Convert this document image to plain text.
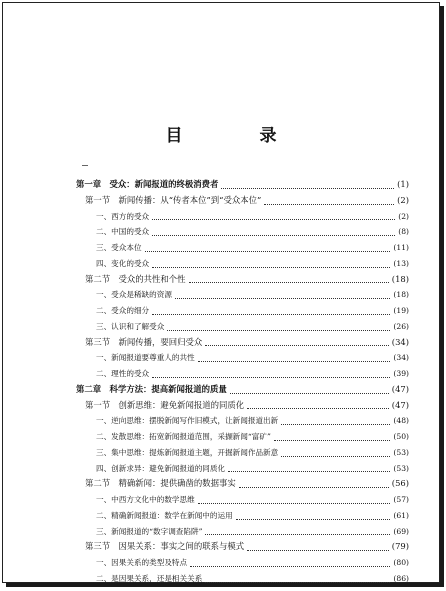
目　录
第一章　受众：新闻报道的终极消费者	(1)
第一节　新闻传播：从“传者本位”到“受众本位”	(2)
一、西方的受众	(2)
二、中国的受众	(8)
三、受众本位	(11)
四、变化的受众	(13)
第二节　受众的共性和个性	(18)
一、受众是稀缺的资源	(18)
二、受众的细分	(19)
三、认识和了解受众	(26)
第三节　新闻传播，要回归受众	(34)
一、新闻报道要尊重人的共性	(34)
二、理性的受众	(39)
第二章　科学方法：提高新闻报道的质量	(47)
第一节　创新思维：避免新闻报道的同质化	(47)
一、逆向思维：摆脱新闻写作旧模式，让新闻报道出新	(48)
二、发散思维：拓宽新闻报道范围，采撷新闻“富矿”	(50)
三、集中思维：提炼新闻报道主题，开掘新闻作品新意	(53)
四、创新求异：避免新闻报道的同质化	(53)
第二节　精确新闻：提供确凿的数据事实	(56)
一、中西方文化中的数学思维	(57)
二、精确新闻报道：数学在新闻中的运用	(61)
三、新闻报道的“数字调查陷阱”	(69)
第三节　因果关系：事实之间的联系与模式	(79)
一、因果关系的类型及特点	(80)
二、是因果关系，还是相关关系	(86)
